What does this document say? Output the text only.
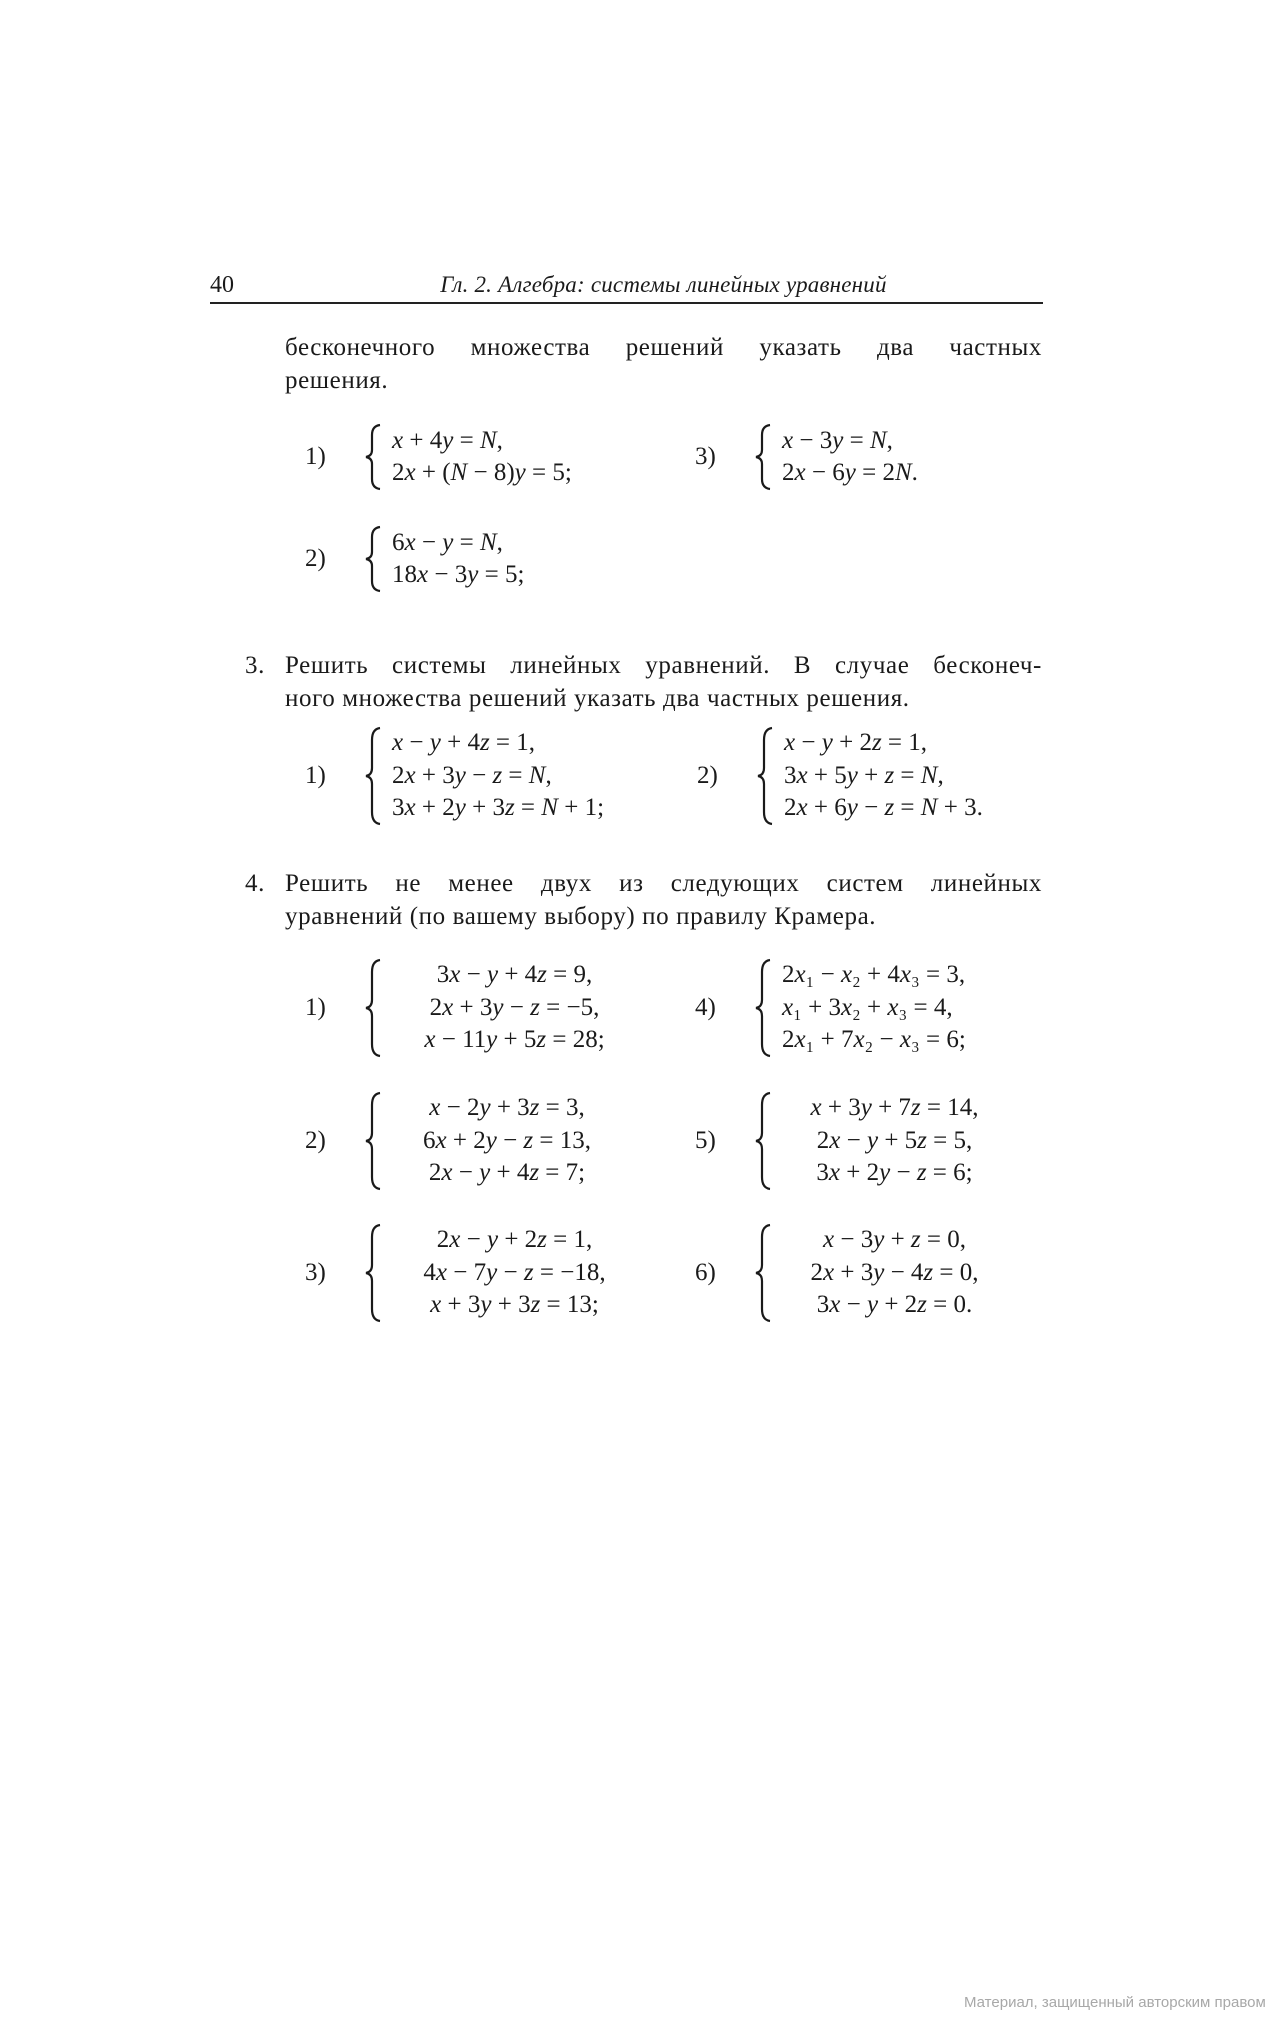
40	Гл. 2. Алгебра: системы линейных уравнений
бесконечного множества решений указать два частных
решения.
1)
x + 4y = N,
2x + (N − 8)y = 5;
2)
6x − y = N,
18x − 3y = 5;
3)
x − 3y = N,
2x − 6y = 2N.
3. Решить системы линейных уравнений. В случае бесконеч-
ного множества решений указать два частных решения.
1)
x − y + 4z = 1,
2x + 3y − z = N,
3x + 2y + 3z = N + 1;
2)
x − y + 2z = 1,
3x + 5y + z = N,
2x + 6y − z = N + 3.
4. Решить не менее двух из следующих систем линейных
уравнений (по вашему выбору) по правилу Крамера.
1)
3x − y + 4z = 9,
2x + 3y − z = −5,
x − 11y + 5z = 28;
2)
x − 2y + 3z = 3,
6x + 2y − z = 13,
2x − y + 4z = 7;
3)
2x − y + 2z = 1,
4x − 7y − z = −18,
x + 3y + 3z = 13;
4)
2x₁ − x₂ + 4x₃ = 3,
x₁ + 3x₂ + x₃ = 4,
2x₁ + 7x₂ − x₃ = 6;
5)
x + 3y + 7z = 14,
2x − y + 5z = 5,
3x + 2y − z = 6;
6)
x − 3y + z = 0,
2x + 3y − 4z = 0,
3x − y + 2z = 0.
Материал, защищенный авторским правом
